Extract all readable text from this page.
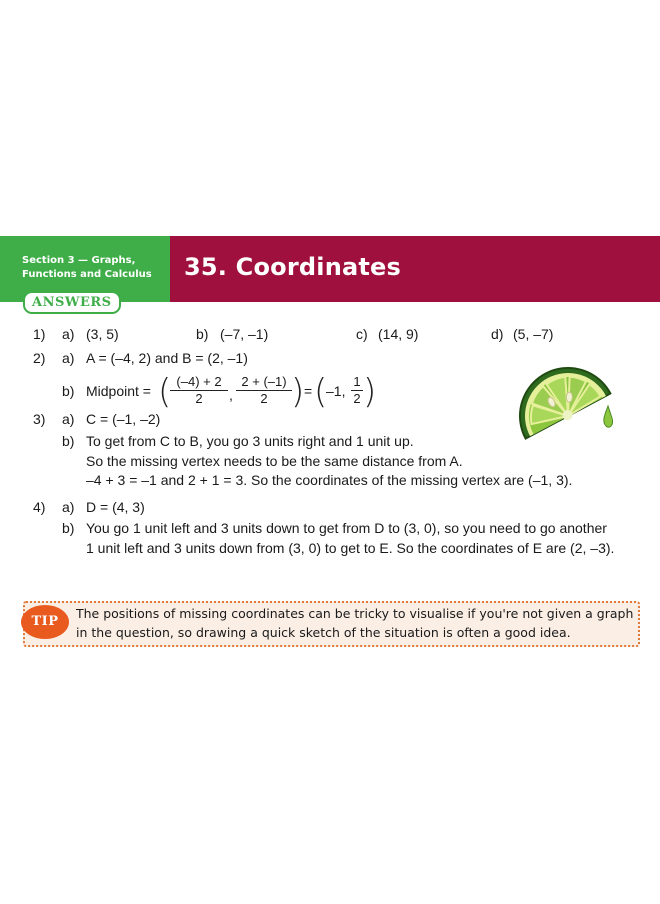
Section 3 — Graphs,
Functions and Calculus	35. Coordinates
ANSWERS
1) a) (3, 5)	b) (–7, –1)	c) (14, 9)	d) (5, –7)
2) a) A = (–4, 2) and B = (2, –1)
b) Midpoint = (
$\frac{(-4) + 2}{2}$ , $\frac{2 + (-1)}{2}$ ) = (
–1, $\frac{1}{2}$ )
3) a) C = (–1, –2)
b) To get from C to B, you go 3 units right and 1 unit up.
So the missing vertex needs to be the same distance from A.
–4 + 3 = –1 and 2 + 1 = 3. So the coordinates of the missing vertex are (–1, 3).
4) a) D = (4, 3)
b) You go 1 unit left and 3 units down to get from D to (3, 0), so you need to go another
1 unit left and 3 units down from (3, 0) to get to E. So the coordinates of E are (2, –3).
TIP
The positions of missing coordinates can be tricky to visualise if you're not given a graph
in the question, so drawing a quick sketch of the situation is often a good idea.
